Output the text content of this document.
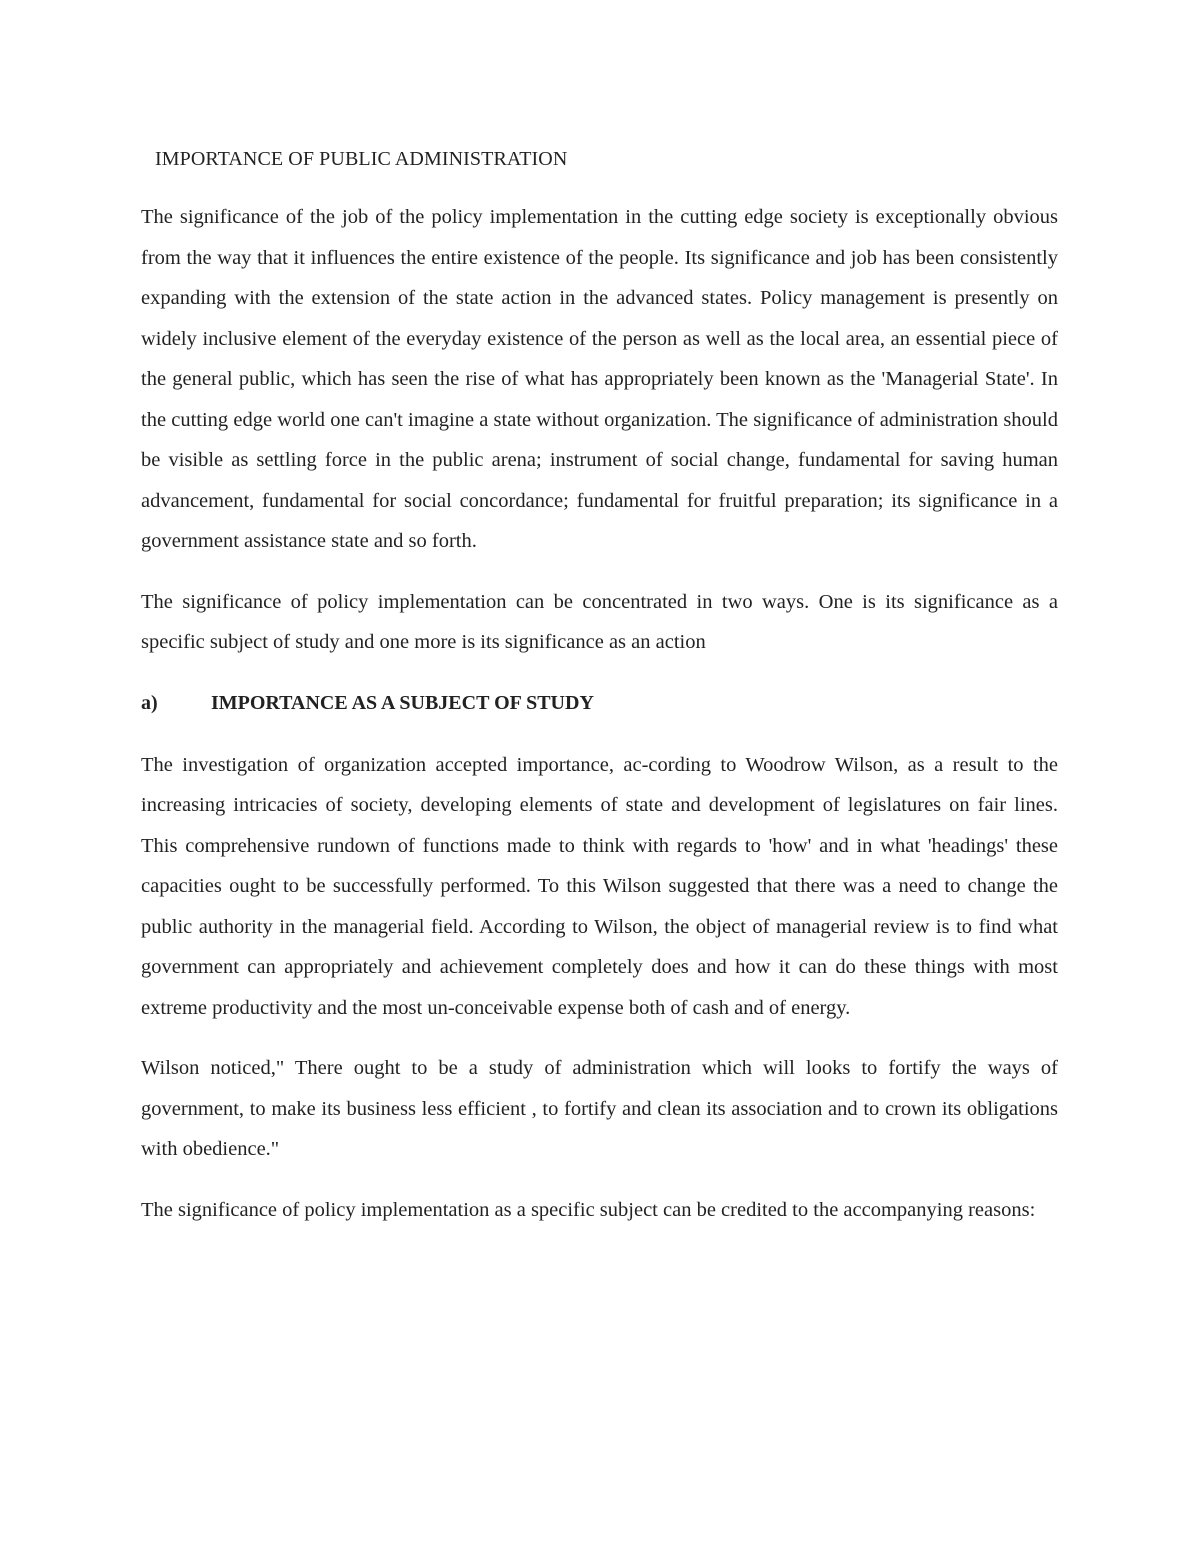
IMPORTANCE OF PUBLIC ADMINISTRATION

The significance of the job of the policy implementation in the cutting edge society is exceptionally obvious from the way that it influences the entire existence of the people. Its significance and job has been consistently expanding with the extension of the state action in the advanced states. Policy management is presently on widely inclusive element of the everyday existence of the person as well as the local area, an essential piece of the general public, which has seen the rise of what has appropriately been known as the 'Managerial State'. In the cutting edge world one can't imagine a state without organization. The significance of administration should be visible as settling force in the public arena; instrument of social change, fundamental for saving human advancement, fundamental for social concordance; fundamental for fruitful preparation; its significance in a government assistance state and so forth.

The significance of policy implementation can be concentrated in two ways. One is its significance as a specific subject of study and one more is its significance as an action

a)	IMPORTANCE AS A SUBJECT OF STUDY

The investigation of organization accepted importance, ac-cording to Woodrow Wilson, as a result to the increasing intricacies of society, developing elements of state and development of legislatures on fair lines. This comprehensive rundown of functions made to think with regards to 'how' and in what 'headings' these capacities ought to be successfully performed. To this Wilson suggested that there was a need to change the public authority in the managerial field. According to Wilson, the object of managerial review is to find what government can appropriately and achievement completely does and how it can do these things with most extreme productivity and the most un-conceivable expense both of cash and of energy.

Wilson noticed," There ought to be a study of administration which will looks to fortify the ways of government, to make its business less efficient , to fortify and clean its association and to crown its obligations with obedience."

The significance of policy implementation as a specific subject can be credited to the accompanying reasons:
